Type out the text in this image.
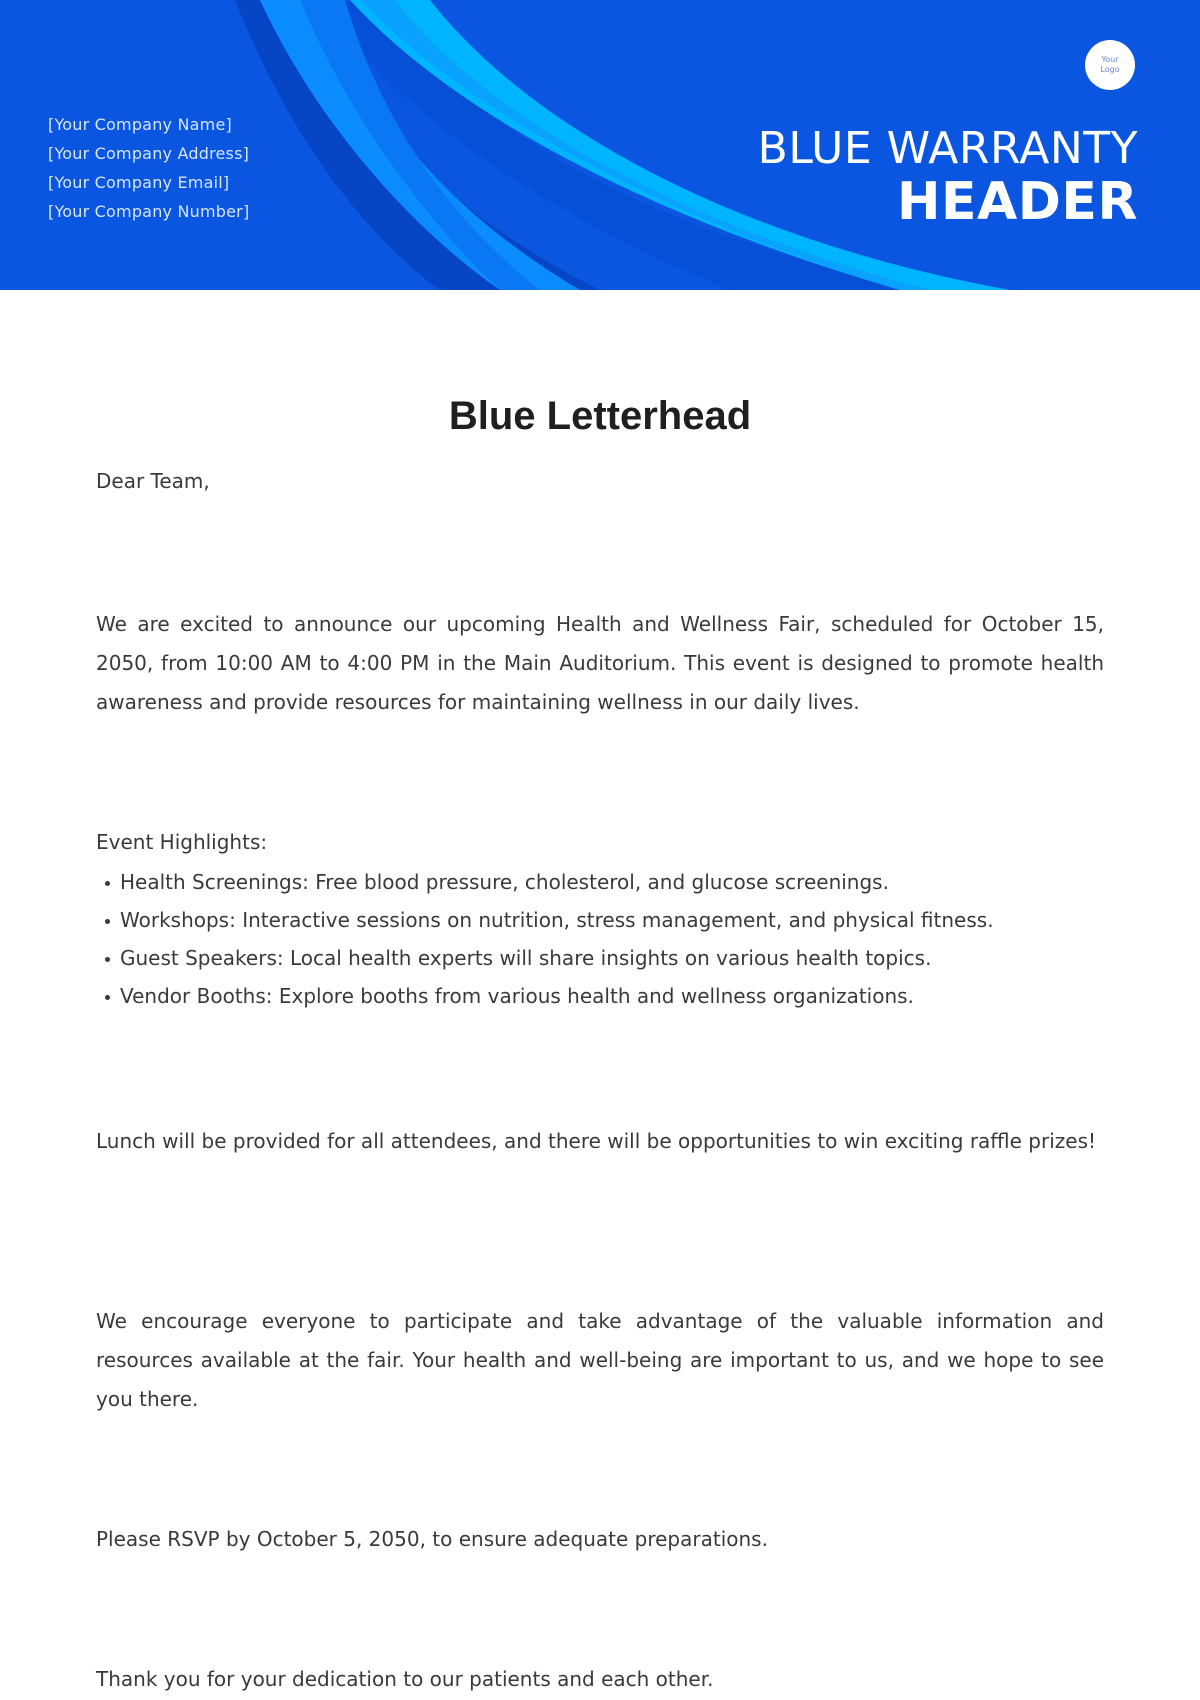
[Your Company Name]
[Your Company Address]
[Your Company Email]
[Your Company Number]
Your
Logo
BLUE WARRANTY
HEADER
Blue Letterhead

Dear Team,

We are excited to announce our upcoming Health and Wellness Fair, scheduled for October 15, 2050, from 10:00 AM to 4:00 PM in the Main Auditorium. This event is designed to promote health awareness and provide resources for maintaining wellness in our daily lives.

Event Highlights:

Health Screenings: Free blood pressure, cholesterol, and glucose screenings.
Workshops: Interactive sessions on nutrition, stress management, and physical fitness.
Guest Speakers: Local health experts will share insights on various health topics.
Vendor Booths: Explore booths from various health and wellness organizations.

Lunch will be provided for all attendees, and there will be opportunities to win exciting raffle prizes!

We encourage everyone to participate and take advantage of the valuable information and resources available at the fair. Your health and well-being are important to us, and we hope to see you there.

Please RSVP by October 5, 2050, to ensure adequate preparations.

Thank you for your dedication to our patients and each other.
